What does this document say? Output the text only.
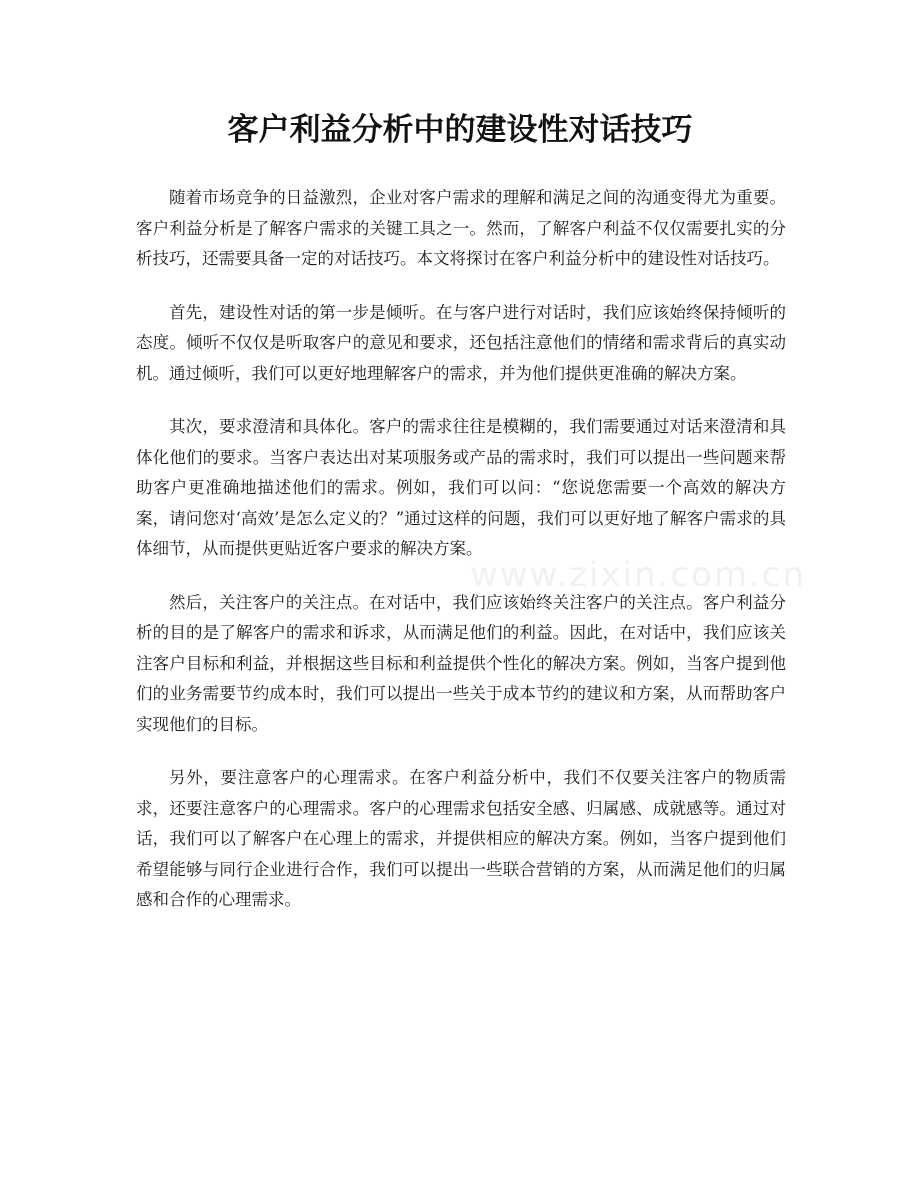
客户利益分析中的建设性对话技巧

随着市场竞争的日益激烈，企业对客户需求的理解和满足之间的沟通变得尤为重要。客户利益分析是了解客户需求的关键工具之一。然而，了解客户利益不仅仅需要扎实的分析技巧，还需要具备一定的对话技巧。本文将探讨在客户利益分析中的建设性对话技巧。

首先，建设性对话的第一步是倾听。在与客户进行对话时，我们应该始终保持倾听的态度。倾听不仅仅是听取客户的意见和要求，还包括注意他们的情绪和需求背后的真实动机。通过倾听，我们可以更好地理解客户的需求，并为他们提供更准确的解决方案。

其次，要求澄清和具体化。客户的需求往往是模糊的，我们需要通过对话来澄清和具体化他们的要求。当客户表达出对某项服务或产品的需求时，我们可以提出一些问题来帮助客户更准确地描述他们的需求。例如，我们可以问：“您说您需要一个高效的解决方案，请问您对‘高效’是怎么定义的？”通过这样的问题，我们可以更好地了解客户需求的具体细节，从而提供更贴近客户要求的解决方案。

然后，关注客户的关注点。在对话中，我们应该始终关注客户的关注点。客户利益分析的目的是了解客户的需求和诉求，从而满足他们的利益。因此，在对话中，我们应该关注客户目标和利益，并根据这些目标和利益提供个性化的解决方案。例如，当客户提到他们的业务需要节约成本时，我们可以提出一些关于成本节约的建议和方案，从而帮助客户实现他们的目标。

另外，要注意客户的心理需求。在客户利益分析中，我们不仅要关注客户的物质需求，还要注意客户的心理需求。客户的心理需求包括安全感、归属感、成就感等。通过对话，我们可以了解客户在心理上的需求，并提供相应的解决方案。例如，当客户提到他们希望能够与同行企业进行合作，我们可以提出一些联合营销的方案，从而满足他们的归属感和合作的心理需求。

www.zixin.com.cn
